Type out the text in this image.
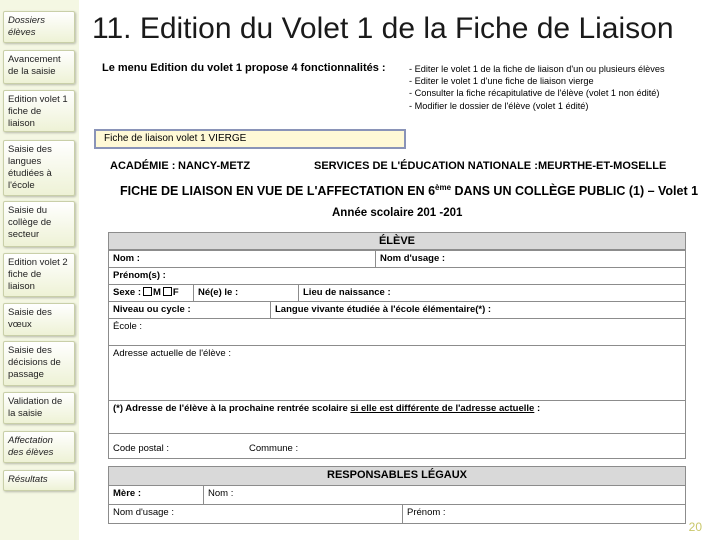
Dossiers élèves
Avancement de la saisie
Edition volet 1 fiche de liaison
Saisie des langues étudiées à l'école
Saisie du collège de secteur
Edition volet 2 fiche de liaison
Saisie des vœux
Saisie des décisions de passage
Validation de la saisie
Affectation des élèves
Résultats
11. Edition du Volet 1 de la Fiche de Liaison
Le menu Edition du volet 1 propose 4 fonctionnalités :	- Editer le volet 1 de la fiche de liaison d'un ou plusieurs élèves
- Editer le volet 1 d'une fiche de liaison vierge
- Consulter la fiche récapitulative de l'élève (volet 1 non édité)
- Modifier le dossier de l'élève (volet 1 édité)
Fiche de liaison volet 1 VIERGE
ACADÉMIE : NANCY-METZ	SERVICES DE L'ÉDUCATION NATIONALE : MEURTHE-ET-MOSELLE
FICHE DE LIAISON EN VUE DE L'AFFECTATION EN 6ème DANS UN COLLÈGE PUBLIC (1) – Volet 1
Année scolaire 201 -201
ÉLÈVE
Nom :	Nom d'usage :
Prénom(s) :
Sexe : M F	Né(e) le :	Lieu de naissance :
Niveau ou cycle :	Langue vivante étudiée à l'école élémentaire(*) :
École :
Adresse actuelle de l'élève :
(*) Adresse de l'élève à la prochaine rentrée scolaire si elle est différente de l'adresse actuelle :
Code postal :	Commune :
RESPONSABLES LÉGAUX
Mère :	Nom :
Nom d'usage :	Prénom :
20
